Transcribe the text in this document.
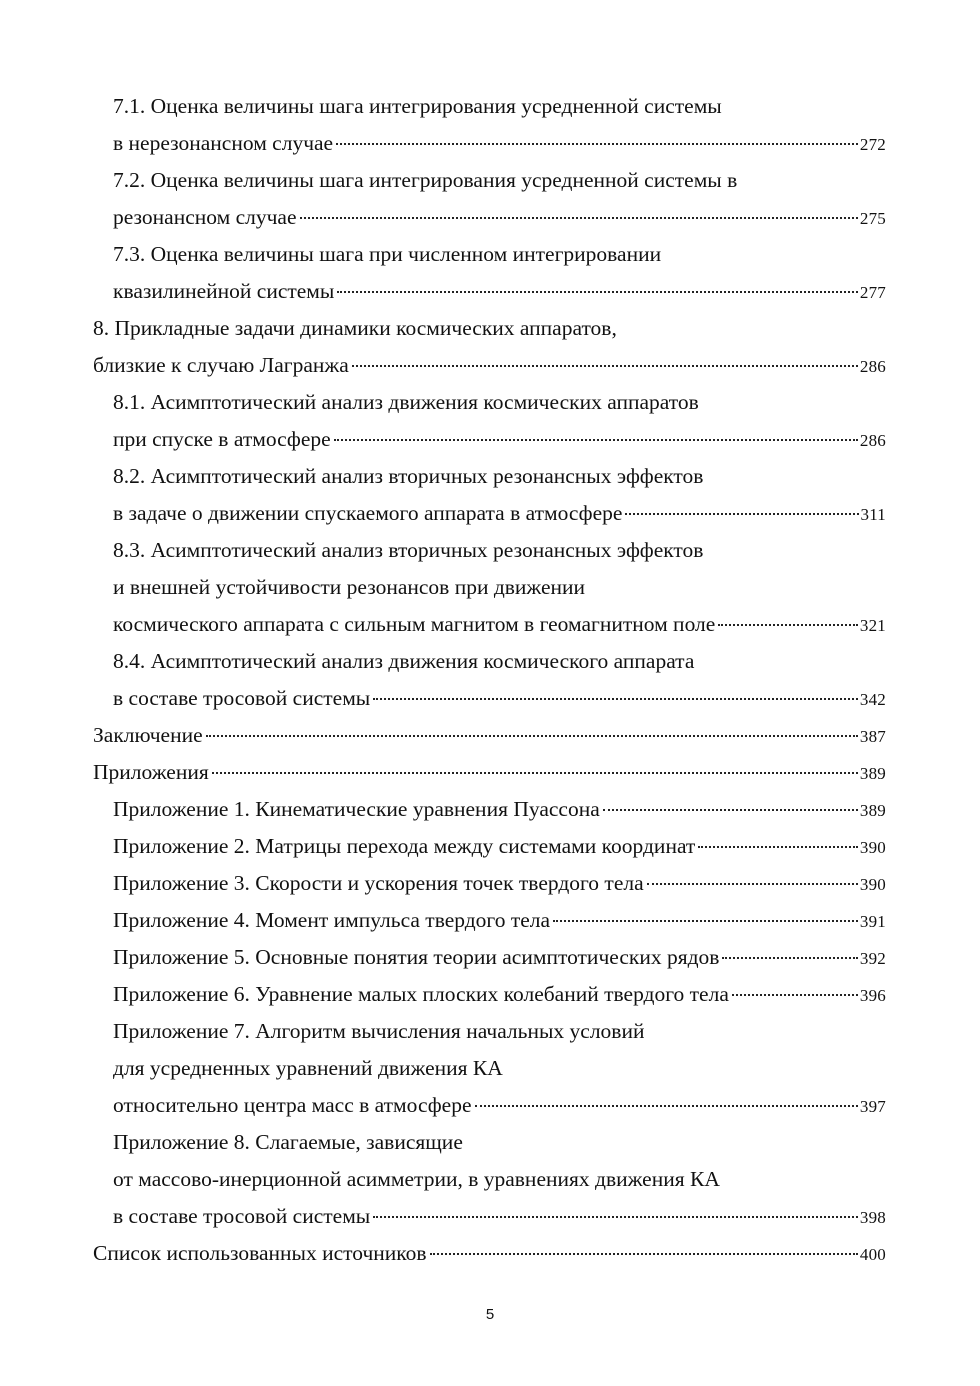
7.1. Оценка величины шага интегрирования усредненной системы
в нерезонансном случае	272
7.2. Оценка величины шага интегрирования усредненной системы в
резонансном случае	275
7.3. Оценка величины шага при численном интегрировании
квазилинейной системы	277
8. Прикладные задачи динамики космических аппаратов,
близкие к случаю Лагранжа	286
8.1. Асимптотический анализ движения космических аппаратов
при спуске в атмосфере	286
8.2. Асимптотический анализ вторичных резонансных эффектов
в задаче о движении спускаемого аппарата в атмосфере	311
8.3. Асимптотический анализ вторичных резонансных эффектов
и внешней устойчивости резонансов при движении
космического аппарата с сильным магнитом в геомагнитном поле	321
8.4. Асимптотический анализ движения космического аппарата
в составе тросовой системы	342
Заключение	387
Приложения	389
Приложение 1. Кинематические уравнения Пуассона	389
Приложение 2. Матрицы перехода между системами координат	390
Приложение 3. Скорости и ускорения точек твердого тела	390
Приложение 4. Момент импульса твердого тела	391
Приложение 5. Основные понятия теории асимптотических рядов	392
Приложение 6. Уравнение малых плоских колебаний твердого тела	396
Приложение 7. Алгоритм вычисления начальных условий
для усредненных уравнений движения КА
относительно центра масс в атмосфере	397
Приложение 8. Слагаемые, зависящие
от массово-инерционной асимметрии, в уравнениях движения КА
в составе тросовой системы	398
Список использованных источников	400
5
